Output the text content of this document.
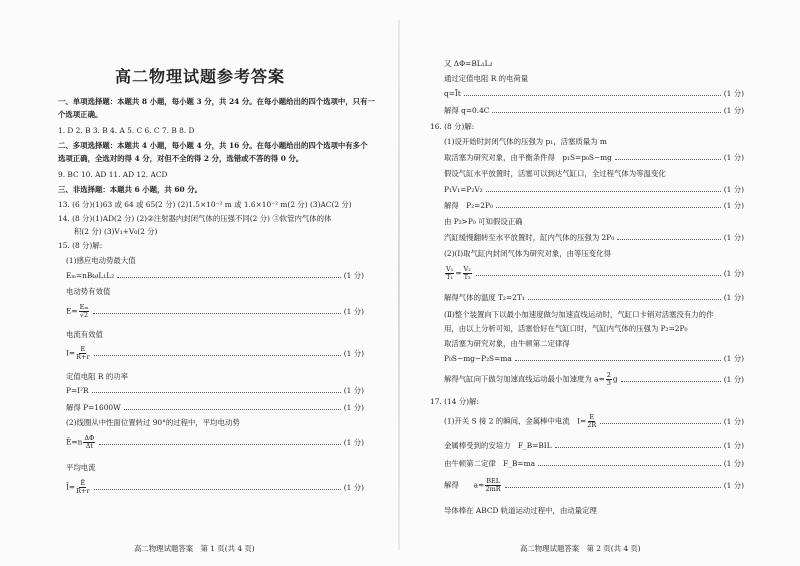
高二物理试题参考答案
一、单项选择题：本题共 8 小题，每小题 3 分，共 24 分。在每小题给出的四个选项中，只有一
个选项正确。
1. D 2. B 3. B 4. A 5. C 6. C 7. B 8. D
二、多项选择题：本题共 4 小题，每小题 4 分，共 16 分。在每小题给出的四个选项中有多个
选项正确，全选对的得 4 分，对但不全的得 2 分，选错或不答的得 0 分。
9. BC 10. AD 11. AD 12. ACD
三、非选择题：本题共 6 小题，共 60 分。
13. (6 分)(1)63 或 64 或 65(2 分) (2)1.5×10⁻² m 或 1.6×10⁻² m(2 分) (3)AC(2 分)
14. (8 分)(1)AD(2 分) (2)②注射器内封闭气体的压强不同(2 分) ③软管内气体的体
积(2 分) (3)V₁+V₀(2 分)
15. (8 分)解:
(1)感应电动势最大值
Eₘ=nBωL₁L₂	(1 分)
电动势有效值
$E= \frac{\text{Eₘ}}{√2}$	(1 分)
电流有效值
$I= \frac{E}{R+r}$	(1 分)
定值电阻 R 的功率
P=I²R	(1 分)
解得 P=1600W	(1 分)
(2)线圈从中性面位置转过 90°的过程中，平均电动势
Ē=n $\frac{\Delta\Phi}{\Delta t}$	(1 分)
平均电流
Ī= $\frac{Ē}{R+r}$	(1 分)
高二物理试题答案　第 1 页(共 4 页)
又 ΔΦ=BL₁L₂
通过定值电阻 R 的电荷量
q=Īt	(1 分)
解得 q=0.4C	(1 分)
16. (8 分)解:
(1)设开始时封闭气体的压强为 p₁，活塞质量为 m
取活塞为研究对象，由平衡条件得　p₁S=p₀S−mg	(1 分)
假设气缸水平放置时，活塞可以到达气缸口，全过程气体为等温变化
P₁V₁=P₂V₂	(1 分)
解得　P₂=2P₀	(1 分)
由 P₂>P₀ 可知假设正确
汽缸缓慢翻转至水平放置时，缸内气体的压强为 2P₀	(1 分)
(2)(Ⅰ)取气缸内封闭气体为研究对象，由等压变化得
$\frac{\text{V₁}}{\text{T₁}} = \frac{\text{V₂}}{\text{T₂}}$	(1 分)
解得气体的温度 T₂=2T₁	(1 分)
(Ⅱ)整个装置向下以最小加速度做匀加速直线运动时，气缸口卡销对活塞没有力的作
用，由以上分析可知，活塞恰好在气缸口时，气缸内气体的压强为 P₂=2P₀
取活塞为研究对象，由牛顿第二定律得
P₀S−mg−P₂S=ma	(1 分)
解得气缸向下做匀加速直线运动最小加速度为 $a= \frac{2}{3}$ g	(1 分)
17. (14 分)解:
(1)开关 S 接 2 的瞬间，金属棒中电流　$I= \frac{E}{2R}$	(1 分)
金属棒受到的安培力　F_B=BIL	(1 分)
由牛顿第二定律　F_B=ma	(1 分)
解得　　$a= \frac{\text{BEL}}{2mR}$	(1 分)
导体棒在 ABCD 轨道运动过程中，由动量定理
高二物理试题答案　第 2 页(共 4 页)
